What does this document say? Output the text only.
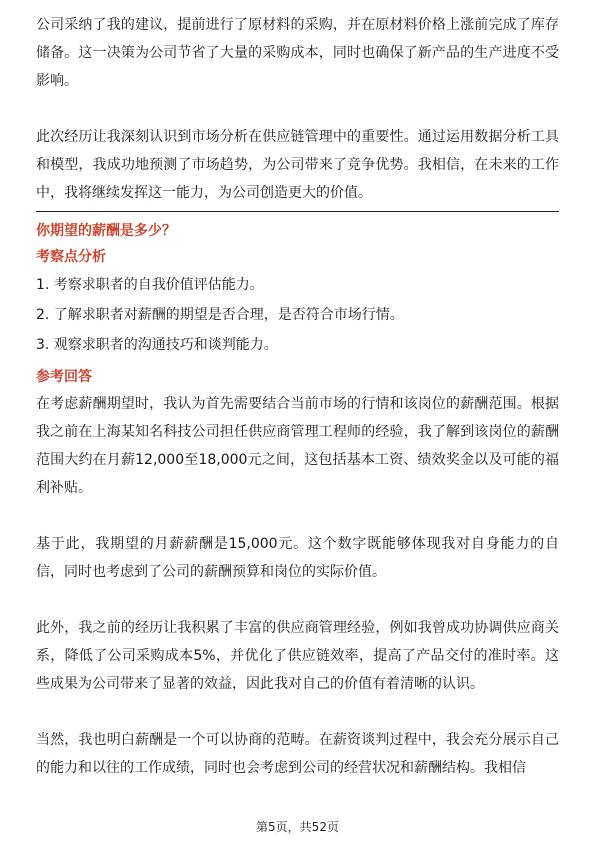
公司采纳了我的建议，提前进行了原材料的采购，并在原材料价格上涨前完成了库存储备。这一决策为公司节省了大量的采购成本，同时也确保了新产品的生产进度不受影响。

此次经历让我深刻认识到市场分析在供应链管理中的重要性。通过运用数据分析工具和模型，我成功地预测了市场趋势，为公司带来了竞争优势。我相信，在未来的工作中，我将继续发挥这一能力，为公司创造更大的价值。

你期望的薪酬是多少？

考察点分析

1. 考察求职者的自我价值评估能力。

2. 了解求职者对薪酬的期望是否合理，是否符合市场行情。

3. 观察求职者的沟通技巧和谈判能力。

参考回答

在考虑薪酬期望时，我认为首先需要结合当前市场的行情和该岗位的薪酬范围。根据我之前在上海某知名科技公司担任供应商管理工程师的经验，我了解到该岗位的薪酬范围大约在月薪12,000至18,000元之间，这包括基本工资、绩效奖金以及可能的福利补贴。

基于此，我期望的月薪薪酬是15,000元。这个数字既能够体现我对自身能力的自信，同时也考虑到了公司的薪酬预算和岗位的实际价值。

此外，我之前的经历让我积累了丰富的供应商管理经验，例如我曾成功协调供应商关系，降低了公司采购成本5%，并优化了供应链效率，提高了产品交付的准时率。这些成果为公司带来了显著的效益，因此我对自己的价值有着清晰的认识。

当然，我也明白薪酬是一个可以协商的范畴。在薪资谈判过程中，我会充分展示自己的能力和以往的工作成绩，同时也会考虑到公司的经营状况和薪酬结构。我相信

第5页，共52页
